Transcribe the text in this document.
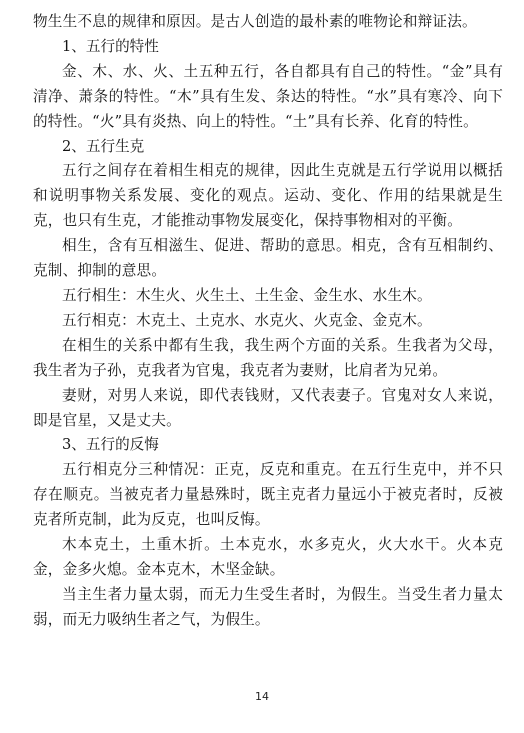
物生生不息的规律和原因。是古人创造的最朴素的唯物论和辩证法。

1、五行的特性

金、木、水、火、土五种五行，各自都具有自己的特性。“金”具有清净、萧条的特性。“木”具有生发、条达的特性。“水”具有寒冷、向下的特性。“火”具有炎热、向上的特性。“土”具有长养、化育的特性。

2、五行生克

五行之间存在着相生相克的规律，因此生克就是五行学说用以概括和说明事物关系发展、变化的观点。运动、变化、作用的结果就是生克，也只有生克，才能推动事物发展变化，保持事物相对的平衡。

相生，含有互相滋生、促进、帮助的意思。相克，含有互相制约、克制、抑制的意思。

五行相生：木生火、火生土、土生金、金生水、水生木。

五行相克：木克土、土克水、水克火、火克金、金克木。

在相生的关系中都有生我，我生两个方面的关系。生我者为父母，我生者为子孙，克我者为官鬼，我克者为妻财，比肩者为兄弟。

妻财，对男人来说，即代表钱财，又代表妻子。官鬼对女人来说，即是官星，又是丈夫。

3、五行的反悔

五行相克分三种情况：正克，反克和重克。在五行生克中，并不只存在顺克。当被克者力量悬殊时，既主克者力量远小于被克者时，反被克者所克制，此为反克，也叫反悔。

木本克土，土重木折。土本克水，水多克火，火大水干。火本克金，金多火熄。金本克木，木坚金缺。

当主生者力量太弱，而无力生受生者时，为假生。当受生者力量太弱，而无力吸纳生者之气，为假生。

14
